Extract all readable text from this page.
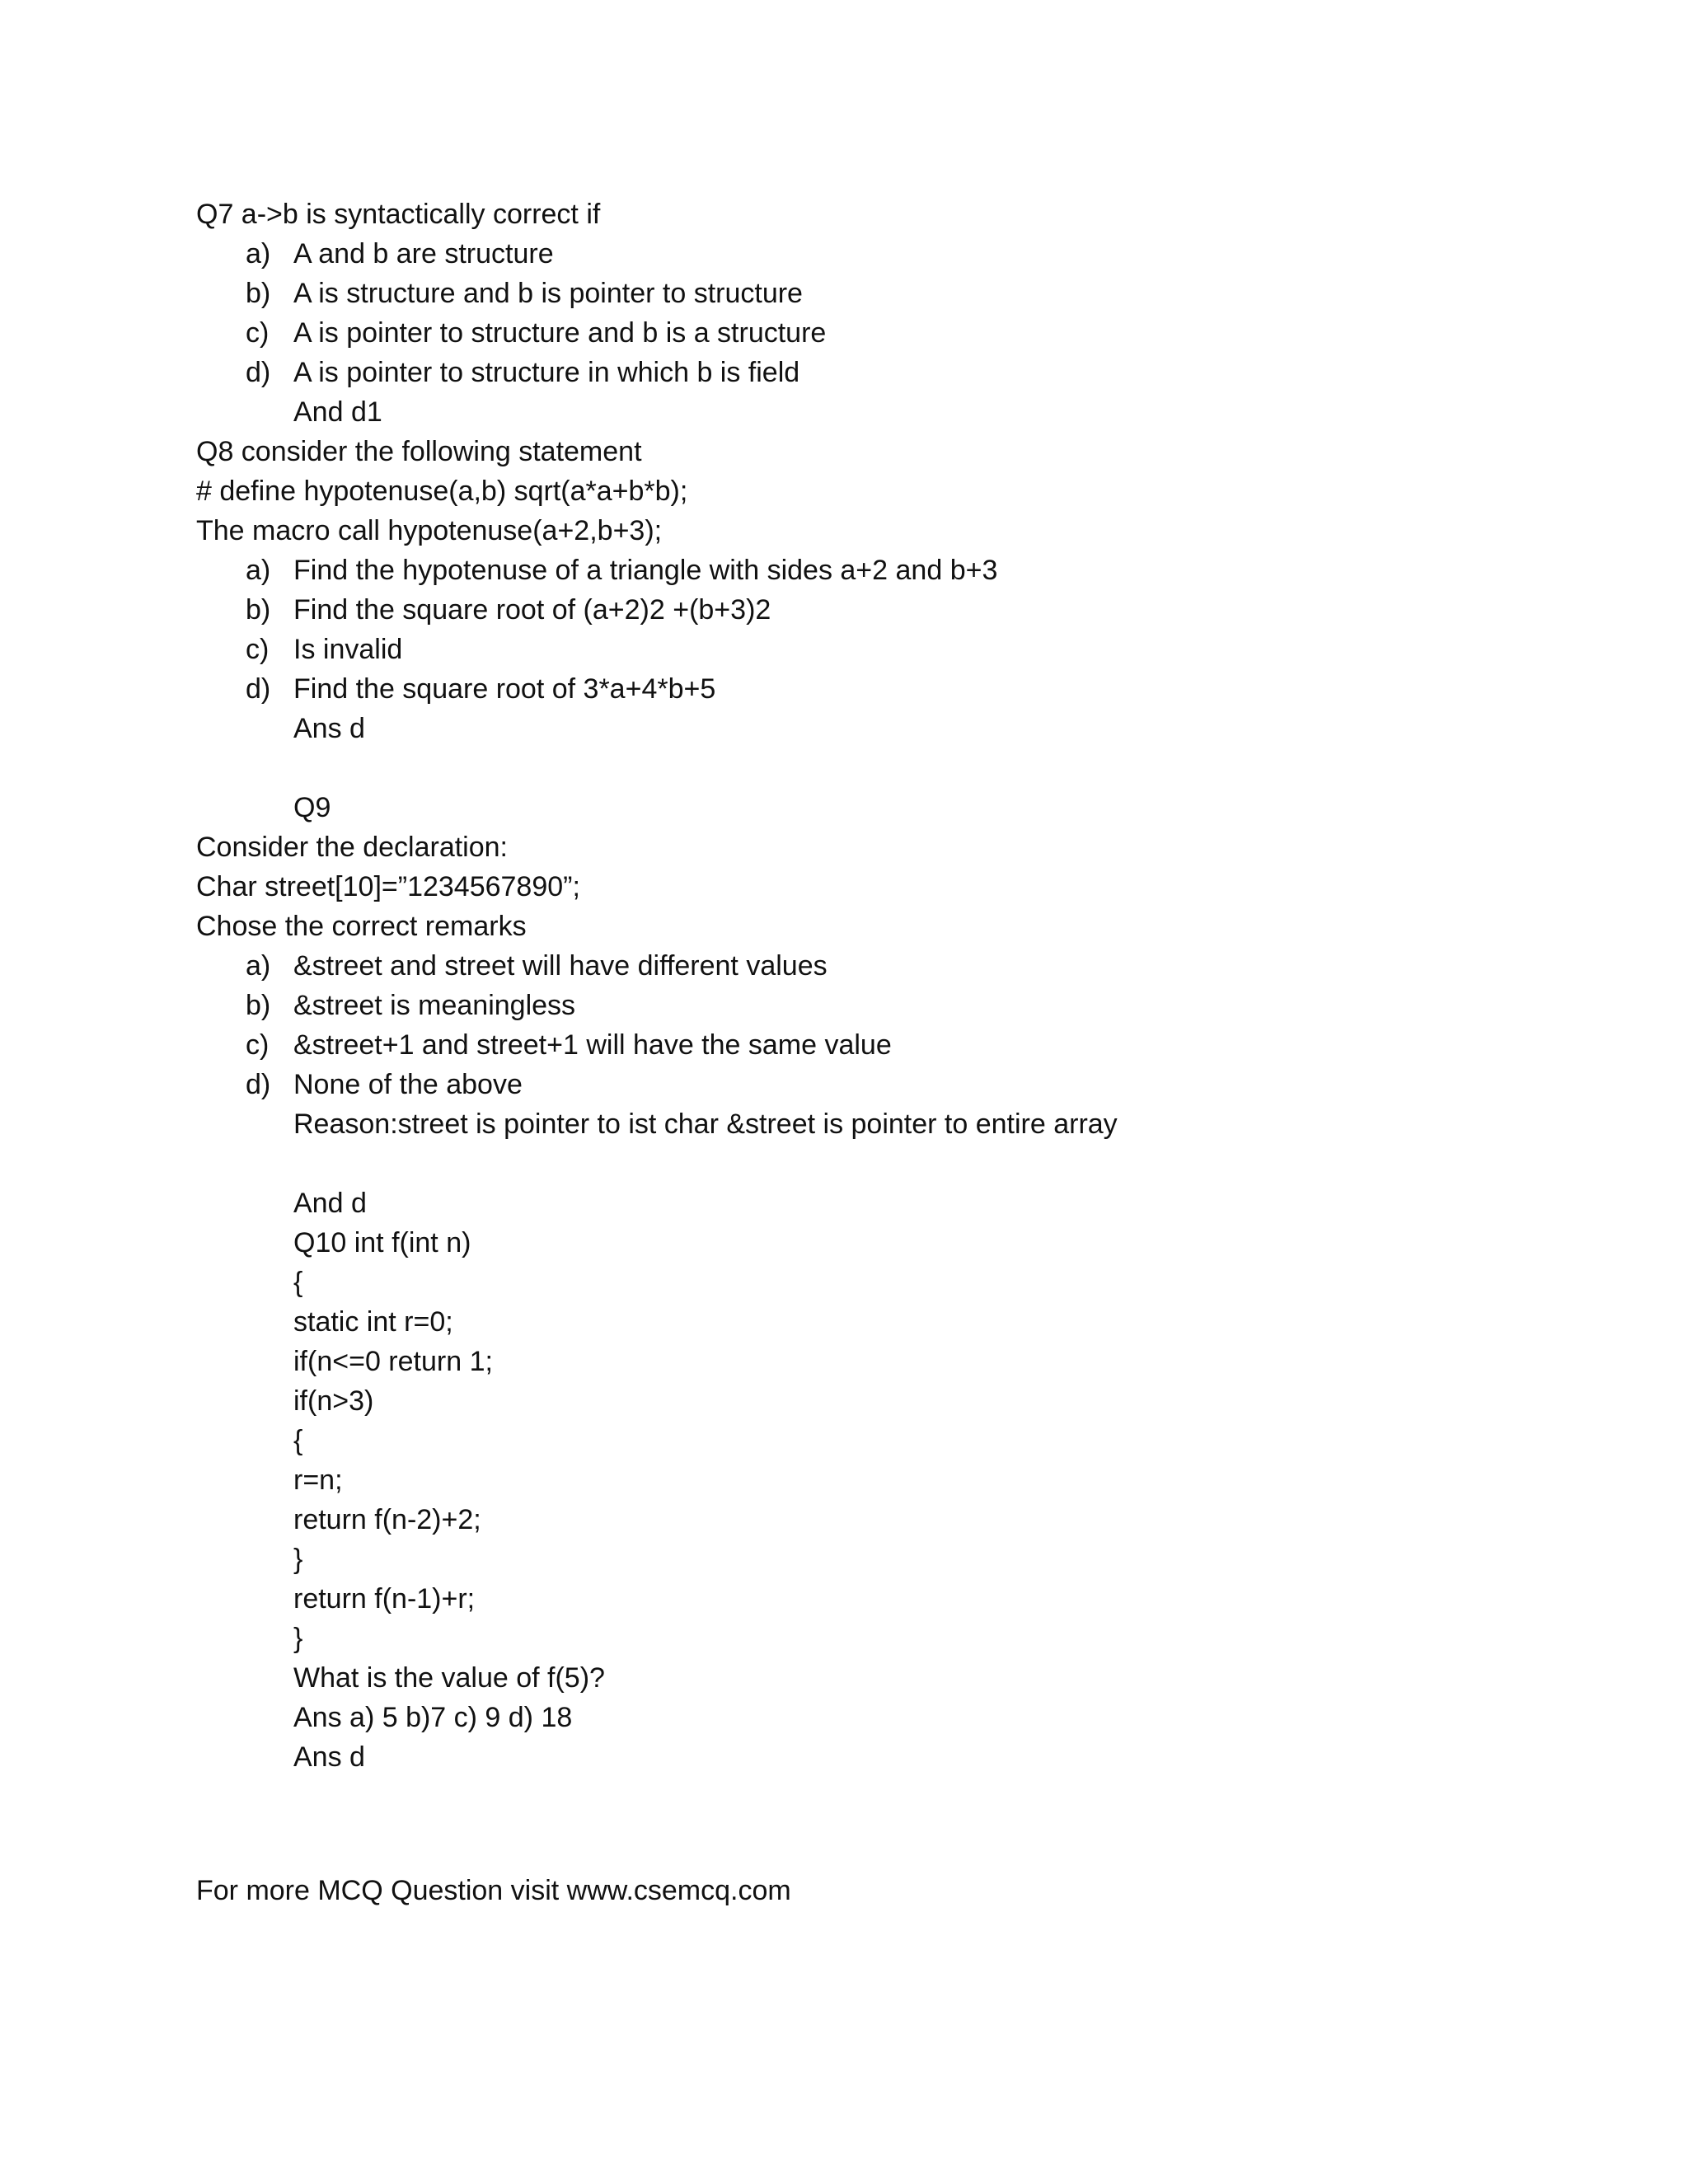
Q7 a->b is syntactically correct if

a) A and b are structure

b) A is structure and b is pointer to structure

c) A is pointer to structure and b is a structure

d) A is pointer to structure in which b is field

And d1

Q8 consider the following statement

# define hypotenuse(a,b) sqrt(a*a+b*b);

The macro call hypotenuse(a+2,b+3);

a) Find the hypotenuse of a triangle with sides a+2 and b+3

b) Find the square root of (a+2)2 +(b+3)2

c) Is invalid

d) Find the square root of 3*a+4*b+5

Ans d

Q9

Consider the declaration:

Char street[10]=”1234567890”;

Chose the correct remarks

a) &street and street will have different values

b) &street is meaningless

c) &street+1 and street+1 will have the same value

d) None of the above

Reason:street is pointer to ist char &street is pointer to entire array

And d

Q10 int f(int n)

{

static int r=0;

if(n<=0 return 1;

if(n>3)

{

r=n;

return f(n-2)+2;

}

return f(n-1)+r;

}

What is the value of f(5)?

Ans a) 5 b)7 c) 9 d) 18

Ans d

For more MCQ Question visit www.csemcq.com
